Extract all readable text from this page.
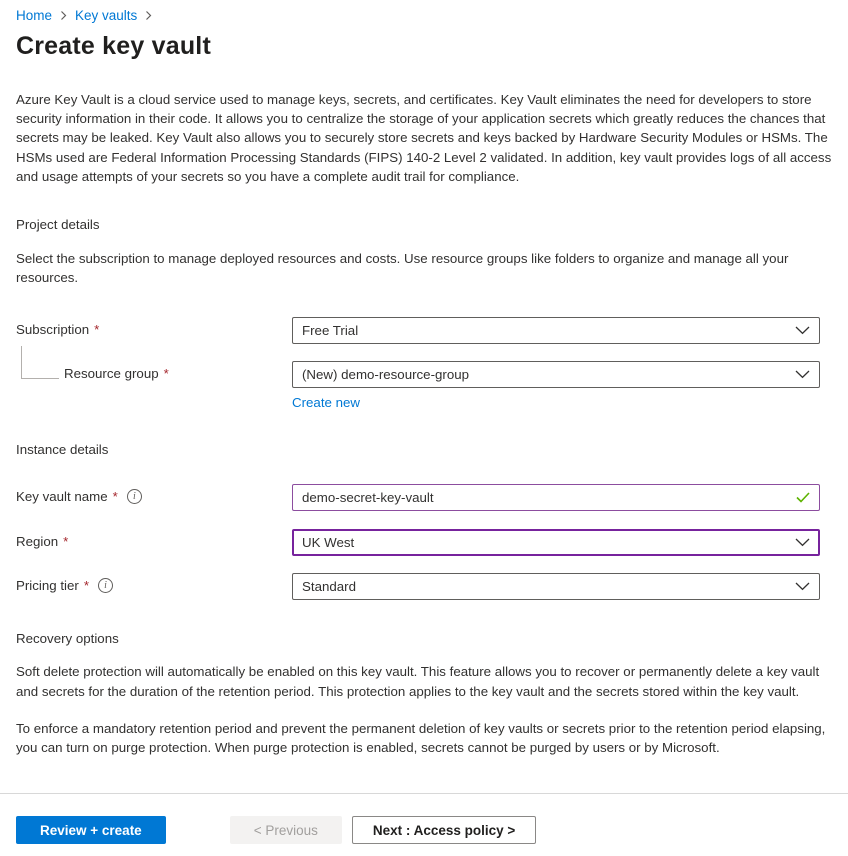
Home Key vaults
Create key vault

Azure Key Vault is a cloud service used to manage keys, secrets, and certificates. Key Vault eliminates the need for developers to store security information in their code. It allows you to centralize the storage of your application secrets which greatly reduces the chances that secrets may be leaked. Key Vault also allows you to securely store secrets and keys backed by Hardware Security Modules or HSMs. The HSMs used are Federal Information Processing Standards (FIPS) 140-2 Level 2 validated. In addition, key vault provides logs of all access and usage attempts of your secrets so you have a complete audit trail for compliance.

Project details

Select the subscription to manage deployed resources and costs. Use resource groups like folders to organize and manage all your resources.

Subscription *	Free Trial
Resource group *	(New) demo-resource-group
Create new
Instance details
Key vault name * i	demo-secret-key-vault
Region *	UK West
Pricing tier * i	Standard
Recovery options

Soft delete protection will automatically be enabled on this key vault. This feature allows you to recover or permanently delete a key vault and secrets for the duration of the retention period. This protection applies to the key vault and the secrets stored within the key vault.

To enforce a mandatory retention period and prevent the permanent deletion of key vaults or secrets prior to the retention period elapsing, you can turn on purge protection. When purge protection is enabled, secrets cannot be purged by users or by Microsoft.

Review + create	< Previous	Next : Access policy >
